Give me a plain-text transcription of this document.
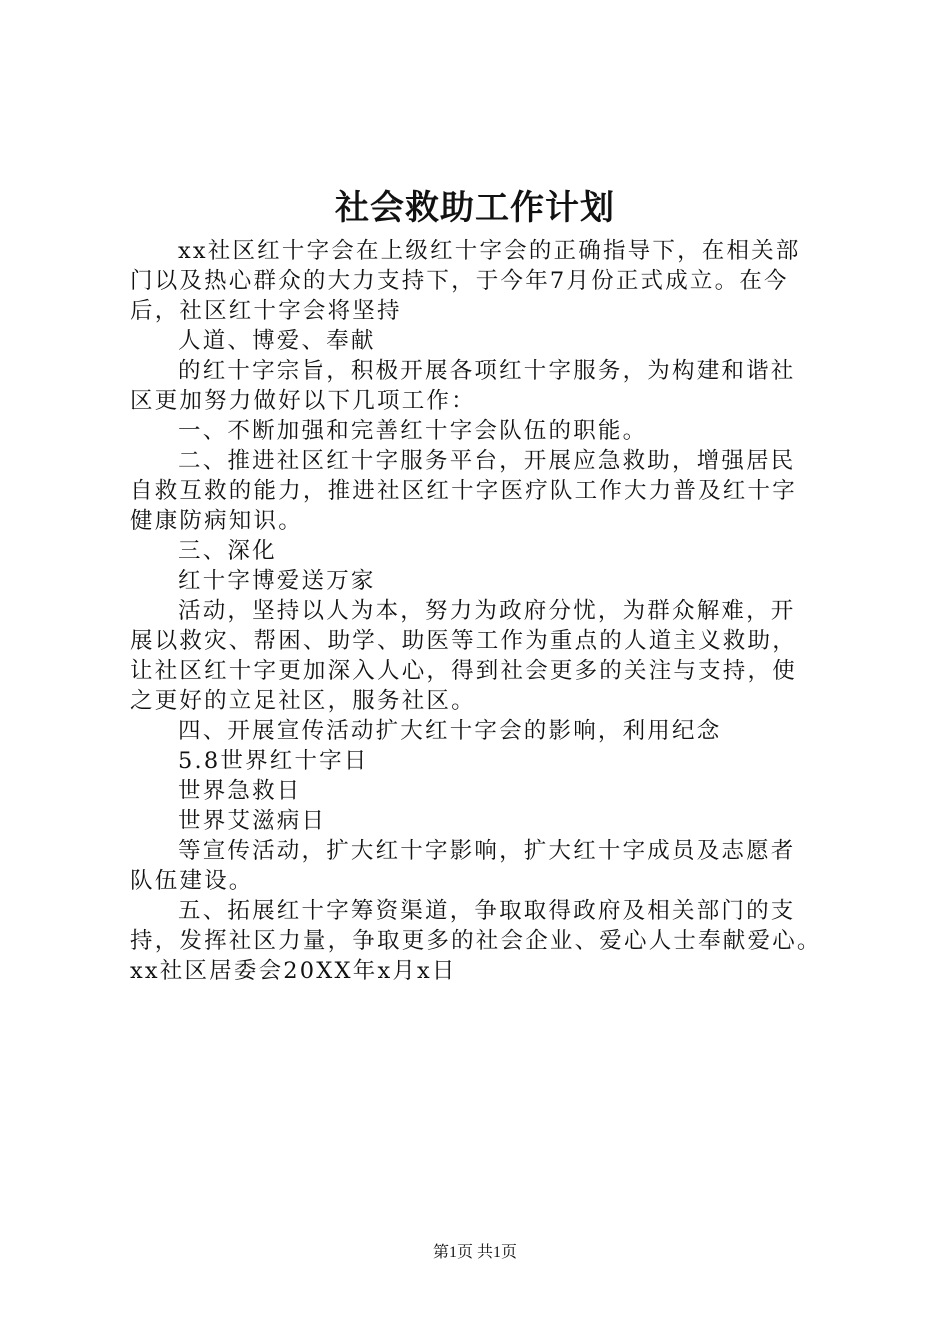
社会救助工作计划

xx社区红十字会在上级红十字会的正确指导下，在相关部

门以及热心群众的大力支持下，于今年7月份正式成立。在今

后，社区红十字会将坚持

人道、博爱、奉献

的红十字宗旨，积极开展各项红十字服务，为构建和谐社

区更加努力做好以下几项工作：

一、不断加强和完善红十字会队伍的职能。

二、推进社区红十字服务平台，开展应急救助，增强居民

自救互救的能力，推进社区红十字医疗队工作大力普及红十字

健康防病知识。

三、深化

红十字博爱送万家

活动，坚持以人为本，努力为政府分忧，为群众解难，开

展以救灾、帮困、助学、助医等工作为重点的人道主义救助，

让社区红十字更加深入人心，得到社会更多的关注与支持，使

之更好的立足社区，服务社区。

四、开展宣传活动扩大红十字会的影响，利用纪念

5.8世界红十字日

世界急救日

世界艾滋病日

等宣传活动，扩大红十字影响，扩大红十字成员及志愿者

队伍建设。

五、拓展红十字筹资渠道，争取取得政府及相关部门的支

持，发挥社区力量，争取更多的社会企业、爱心人士奉献爱心。

xx社区居委会20XX年x月x日

第1页 共1页
